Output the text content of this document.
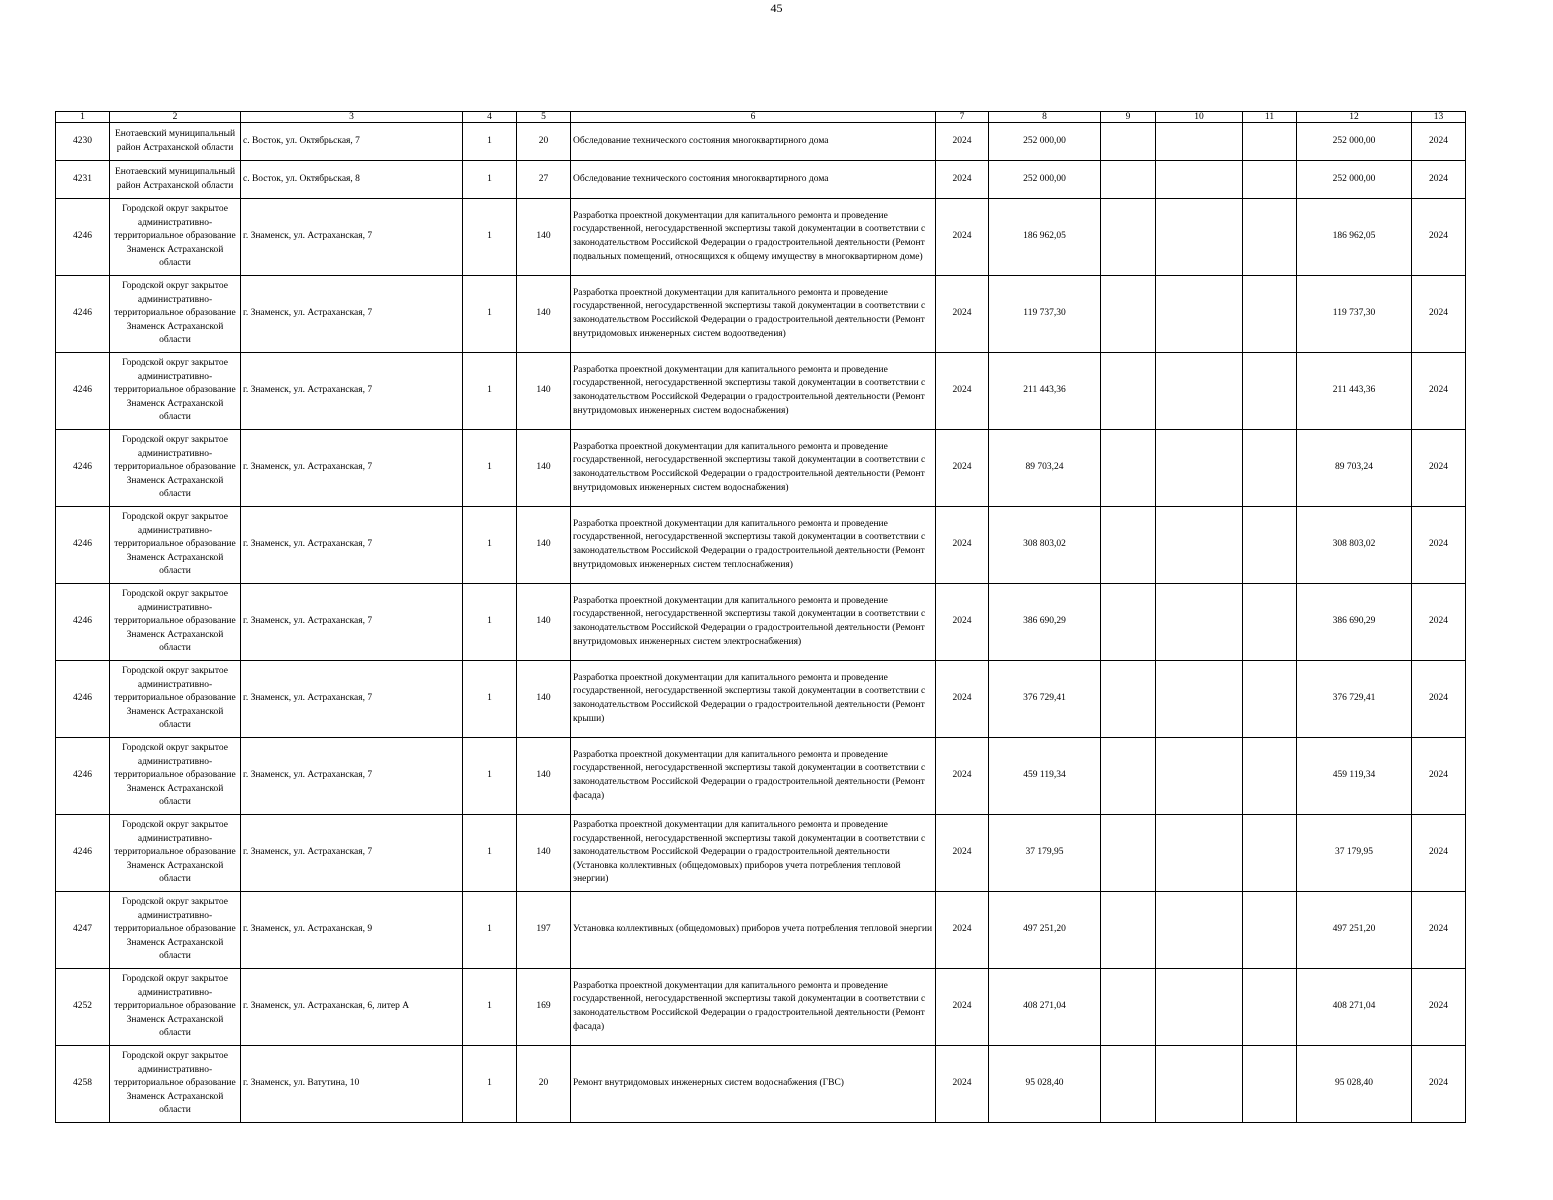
45
1	2	3	4	5	6	7	8	9	10	11	12	13
4230	Енотаевский муниципальный район Астраханской области	с. Восток, ул. Октябрьская, 7	1	20	Обследование технического состояния многоквартирного дома	2024	252 000,00				252 000,00	2024
4231	Енотаевский муниципальный район Астраханской области	с. Восток, ул. Октябрьская, 8	1	27	Обследование технического состояния многоквартирного дома	2024	252 000,00				252 000,00	2024
4246	Городской округ закрытое административно-территориальное образование Знаменск Астраханской области	г. Знаменск, ул. Астраханская, 7	1	140	Разработка проектной документации для капитального ремонта и проведение государственной, негосударственной экспертизы такой документации в соответствии с законодательством Российской Федерации о градостроительной деятельности (Ремонт подвальных помещений, относящихся к общему имуществу в многоквартирном доме)	2024	186 962,05				186 962,05	2024
4246	Городской округ закрытое административно-территориальное образование Знаменск Астраханской области	г. Знаменск, ул. Астраханская, 7	1	140	Разработка проектной документации для капитального ремонта и проведение государственной, негосударственной экспертизы такой документации в соответствии с законодательством Российской Федерации о градостроительной деятельности (Ремонт внутридомовых инженерных систем водоотведения)	2024	119 737,30				119 737,30	2024
4246	Городской округ закрытое административно-территориальное образование Знаменск Астраханской области	г. Знаменск, ул. Астраханская, 7	1	140	Разработка проектной документации для капитального ремонта и проведение государственной, негосударственной экспертизы такой документации в соответствии с законодательством Российской Федерации о градостроительной деятельности (Ремонт внутридомовых инженерных систем водоснабжения)	2024	211 443,36				211 443,36	2024
4246	Городской округ закрытое административно-территориальное образование Знаменск Астраханской области	г. Знаменск, ул. Астраханская, 7	1	140	Разработка проектной документации для капитального ремонта и проведение государственной, негосударственной экспертизы такой документации в соответствии с законодательством Российской Федерации о градостроительной деятельности (Ремонт внутридомовых инженерных систем водоснабжения)	2024	89 703,24				89 703,24	2024
4246	Городской округ закрытое административно-территориальное образование Знаменск Астраханской области	г. Знаменск, ул. Астраханская, 7	1	140	Разработка проектной документации для капитального ремонта и проведение государственной, негосударственной экспертизы такой документации в соответствии с законодательством Российской Федерации о градостроительной деятельности (Ремонт внутридомовых инженерных систем теплоснабжения)	2024	308 803,02				308 803,02	2024
4246	Городской округ закрытое административно-территориальное образование Знаменск Астраханской области	г. Знаменск, ул. Астраханская, 7	1	140	Разработка проектной документации для капитального ремонта и проведение государственной, негосударственной экспертизы такой документации в соответствии с законодательством Российской Федерации о градостроительной деятельности (Ремонт внутридомовых инженерных систем электроснабжения)	2024	386 690,29				386 690,29	2024
4246	Городской округ закрытое административно-территориальное образование Знаменск Астраханской области	г. Знаменск, ул. Астраханская, 7	1	140	Разработка проектной документации для капитального ремонта и проведение государственной, негосударственной экспертизы такой документации в соответствии с законодательством Российской Федерации о градостроительной деятельности (Ремонт крыши)	2024	376 729,41				376 729,41	2024
4246	Городской округ закрытое административно-территориальное образование Знаменск Астраханской области	г. Знаменск, ул. Астраханская, 7	1	140	Разработка проектной документации для капитального ремонта и проведение государственной, негосударственной экспертизы такой документации в соответствии с законодательством Российской Федерации о градостроительной деятельности (Ремонт фасада)	2024	459 119,34				459 119,34	2024
4246	Городской округ закрытое административно-территориальное образование Знаменск Астраханской области	г. Знаменск, ул. Астраханская, 7	1	140	Разработка проектной документации для капитального ремонта и проведение государственной, негосударственной экспертизы такой документации в соответствии с законодательством Российской Федерации о градостроительной деятельности (Установка коллективных (общедомовых) приборов учета потребления тепловой энергии)	2024	37 179,95				37 179,95	2024
4247	Городской округ закрытое административно-территориальное образование Знаменск Астраханской области	г. Знаменск, ул. Астраханская, 9	1	197	Установка коллективных (общедомовых) приборов учета потребления тепловой энергии	2024	497 251,20				497 251,20	2024
4252	Городской округ закрытое административно-территориальное образование Знаменск Астраханской области	г. Знаменск, ул. Астраханская, 6, литер А	1	169	Разработка проектной документации для капитального ремонта и проведение государственной, негосударственной экспертизы такой документации в соответствии с законодательством Российской Федерации о градостроительной деятельности (Ремонт фасада)	2024	408 271,04				408 271,04	2024
4258	Городской округ закрытое административно-территориальное образование Знаменск Астраханской области	г. Знаменск, ул. Ватутина, 10	1	20	Ремонт внутридомовых инженерных систем водоснабжения (ГВС)	2024	95 028,40				95 028,40	2024
